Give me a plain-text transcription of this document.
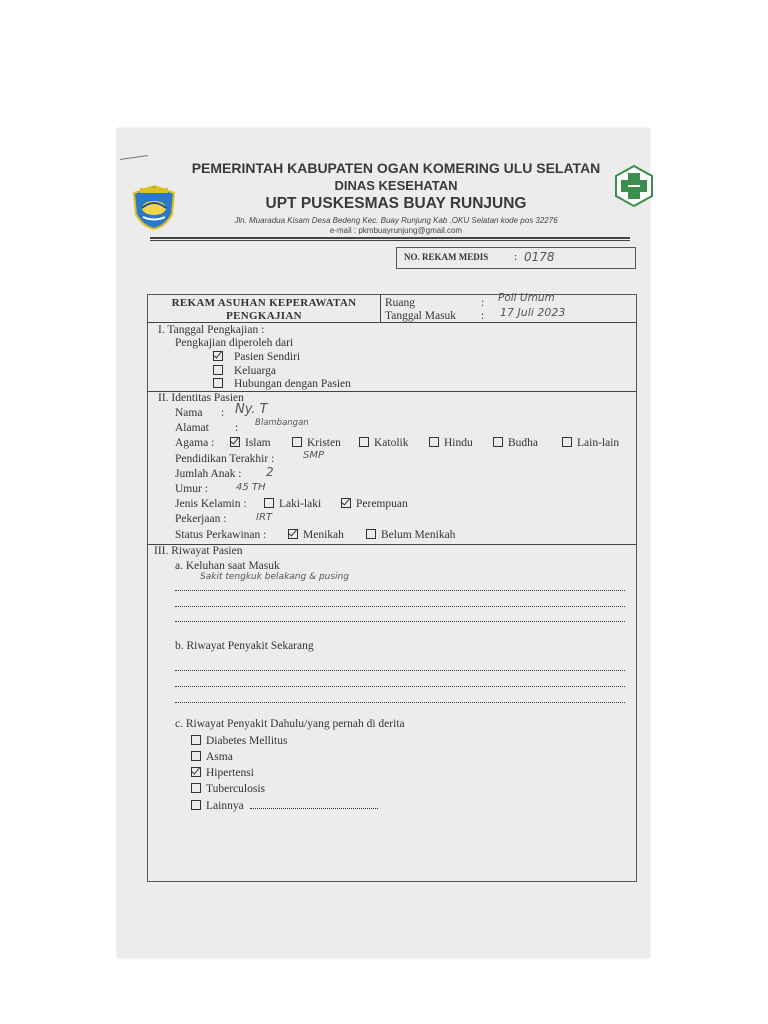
PEMERINTAH KABUPATEN OGAN KOMERING ULU SELATAN
DINAS KESEHATAN
UPT PUSKESMAS BUAY RUNJUNG
Jln. Muaradua Kisam Desa Bedeng Kec. Buay Runjung Kab .OKU Selatan kode pos 32276
e-mail : pkmbuayrunjung@gmail.com
NO. REKAM MEDIS : 0178
REKAM ASUHAN KEPERAWATAN
PENGKAJIAN
Ruang	: Poli Umum
Tanggal Masuk : 17 Juli 2023
I. Tanggal Pengkajian :
Pengkajian diperoleh dari
Pasien Sendiri
Keluarga
Hubungan dengan Pasien
II. Identitas Pasien
Nama : Ny. T
Alamat : Blambangan
Agama :	Islam	Kristen	Katolik	Hindu	Budha	Lain-lain
Pendidikan Terakhir :	SMP
Jumlah Anak : 2
Umur :	45 TH
Jenis Kelamin :	Laki-laki	Perempuan
Pekerjaan :	IRT
Status Perkawinan :	Menikah	Belum Menikah
III. Riwayat Pasien
a. Keluhan saat Masuk
Sakit tengkuk belakang & pusing
b. Riwayat Penyakit Sekarang
c. Riwayat Penyakit Dahulu/yang pernah di derita
Diabetes Mellitus
Asma
Hipertensi
Tuberculosis
Lainnya
